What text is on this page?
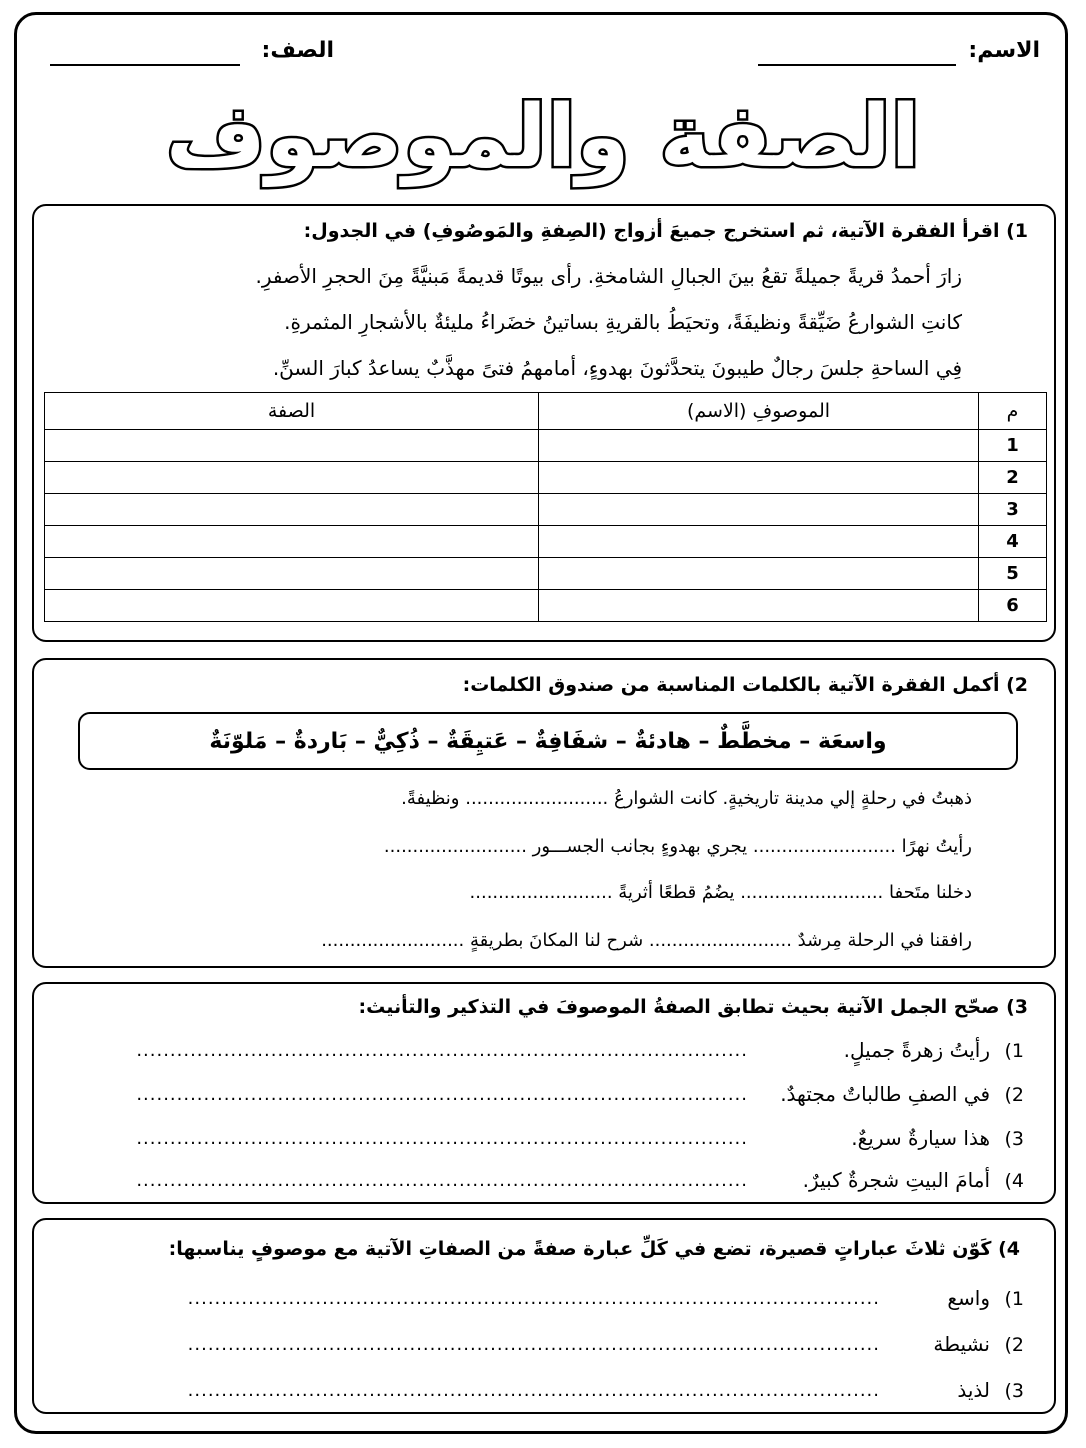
الاسم:
الصف:
الصفة والموصوف
1) اقرأ الفقرة الآتية، ثم استخرج جميعَ أزواج (الصِفةِ والمَوصُوفِ) في الجدول:
زارَ أحمدُ قريةً جميلةً تقعُ بينَ الجبالِ الشامخةِ. رأى بيوتًا قديمةً مَبنيَّةً مِنَ الحجرِ الأصفرِ.
كانتِ الشوارعُ ضَيِّقةً ونظيفَةً، وتحيَطُ بالقريةِ بساتينُ خضَراءُ مليئةٌ بالأشجارِ المثمرةِ.
فِي الساحةِ جلسَ رجالٌ طيبونَ يتحدَّثونَ بهدوءٍ، أمامهمُ فتىً مهذَّبٌ يساعدُ كبارَ السنِّ.
م	الموصوفِ (الاسم)	الصفة
1		
2		
3		
4		
5		
6		
2) أكمل الفقرة الآتية بالكلمات المناسبة من صندوق الكلمات:
واسعَة – مخطَّطٌ – هادئةٌ – شفَافِةٌ – عَتيِقَةٌ – ذُكِيٌّ – بَاردةٌ – مَلوّنَةٌ
ذهبتُ في رحلةٍ إلي مدينة تاريخيةٍ. كانت الشوارعُ ......................... ونظيفةً.
رأيتُ نهرًا ......................... يجري بهدوءٍ بجانب الجســـور .........................
دخلنا متَحفا ......................... يضُمُ قطعًا أثريةً .........................
رافقنا في الرحلة مِرشدٌ ......................... شرح لنا المكانَ بطريقةٍ .........................
3) صحّح الجمل الآتية بحيث تطابق الصفةُ الموصوفَ في التذكير والتأنيث:
1)
رأيتُ زهرةً جميلٍ.
...........................................................................................
2)
في الصفِ طالباتٌ مجتهدٌ.
...........................................................................................
3)
هذا سيارةٌ سريعٌ.
...........................................................................................
4)
أمامَ البيتِ شجرةٌ كبيرٌ.
...........................................................................................
4) كَوّن ثلاثَ عباراتٍ قصيرة، تضع في كَلِّ عبارة صفةً من الصفاتِ الآتية مع موصوفٍ يناسبها:
1)
واسع
.......................................................................................................
2)
نشيطة
.......................................................................................................
3)
لذيذ
.......................................................................................................
